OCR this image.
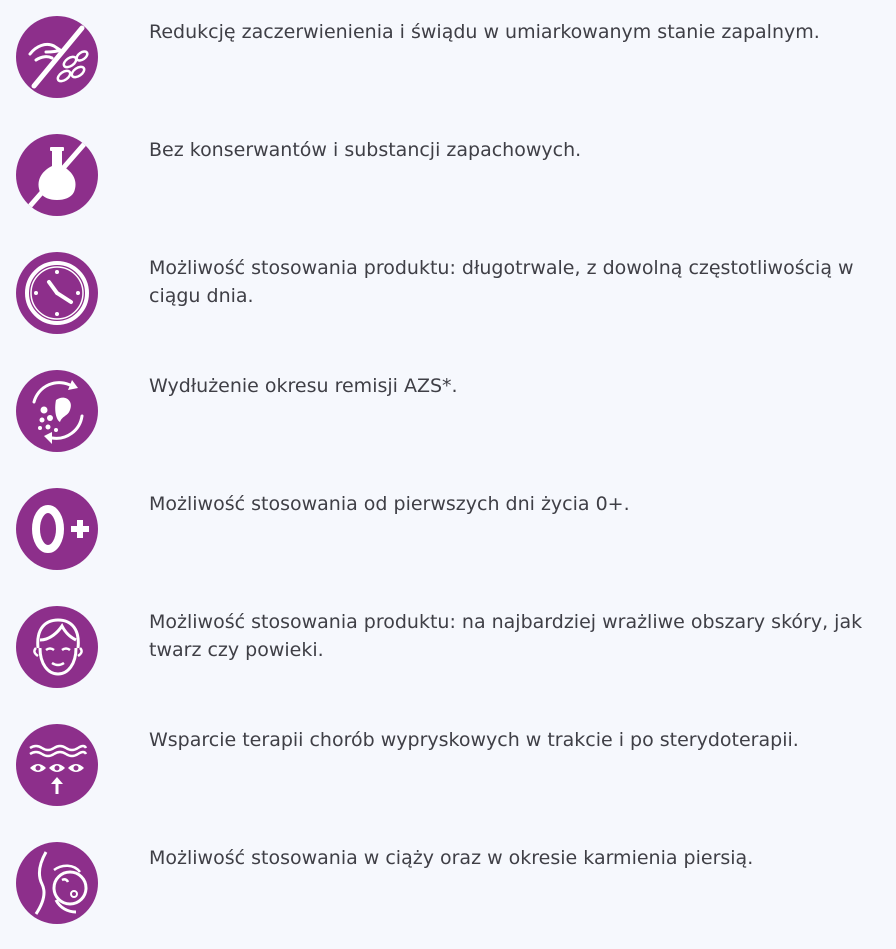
Redukcję zaczerwienienia i świądu w umiarkowanym stanie zapalnym.

Bez konserwantów i substancji zapachowych.

Możliwość stosowania produktu: długotrwale, z dowolną częstotliwością w ciągu dnia.

Wydłużenie okresu remisji AZS*.

Możliwość stosowania od pierwszych dni życia 0+.

Możliwość stosowania produktu: na najbardziej wrażliwe obszary skóry, jak twarz czy powieki.

Wsparcie terapii chorób wypryskowych w trakcie i po sterydoterapii.

Możliwość stosowania w ciąży oraz w okresie karmienia piersią.
